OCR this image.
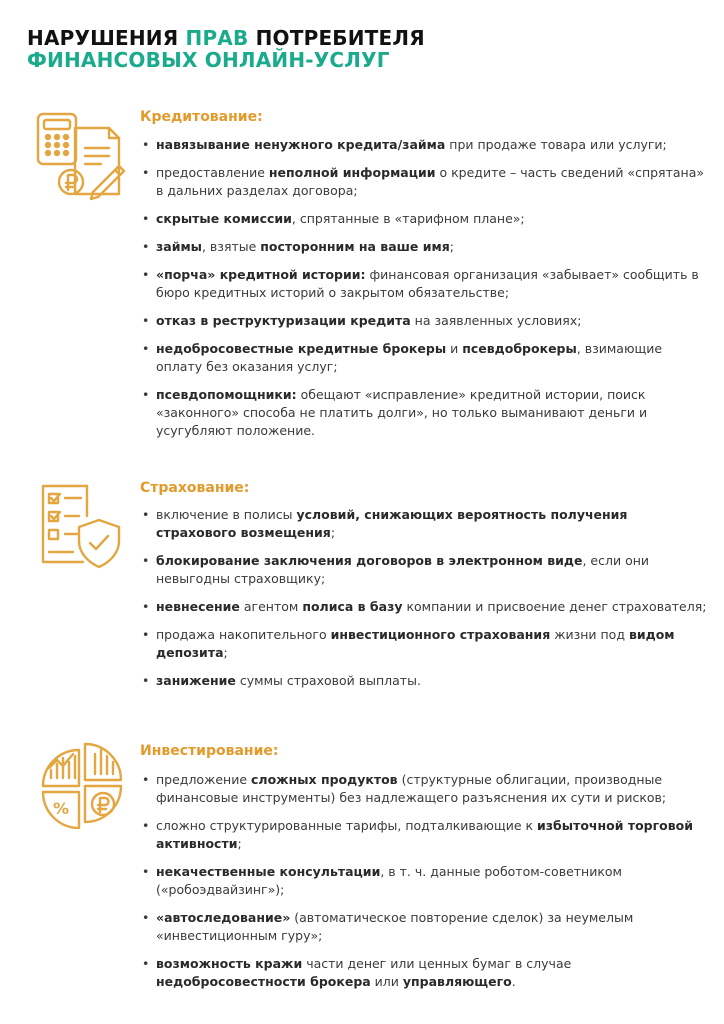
НАРУШЕНИЯ ПРАВ ПОТРЕБИТЕЛЯ
ФИНАНСОВЫХ ОНЛАЙН-УСЛУГ
Кредитование:
• навязывание ненужного кредита/займа при продаже товара или услуги;
• предоставление неполной информации о кредите – часть сведений «спрятана» в дальних разделах договора;
• скрытые комиссии, спрятанные в «тарифном плане»;
• займы, взятые посторонним на ваше имя;
• «порча» кредитной истории: финансовая организация «забывает» сообщить в бюро кредитных историй о закрытом обязательстве;
• отказ в реструктуризации кредита на заявленных условиях;
• недобросовестные кредитные брокеры и псевдоброкеры, взимающие оплату без оказания услуг;
• псевдопомощники: обещают «исправление» кредитной истории, поиск «законного» способа не платить долги», но только выманивают деньги и усугубляют положение.
Страхование:
• включение в полисы условий, снижающих вероятность получения страхового возмещения;
• блокирование заключения договоров в электронном виде, если они невыгодны страховщику;
• невнесение агентом полиса в базу компании и присвоение денег страхователя;
• продажа накопительного инвестиционного страхования жизни под видом депозита;
• занижение суммы страховой выплаты.
%
Инвестирование:
• предложение сложных продуктов (структурные облигации, производные финансовые инструменты) без надлежащего разъяснения их сути и рисков;
• сложно структурированные тарифы, подталкивающие к избыточной торговой активности;
• некачественные консультации, в т. ч. данные роботом-советником («робоэдвайзинг»);
• «автоследование» (автоматическое повторение сделок) за неумелым «инвестиционным гуру»;
• возможность кражи части денег или ценных бумаг в случае недобросовестности брокера или управляющего.
